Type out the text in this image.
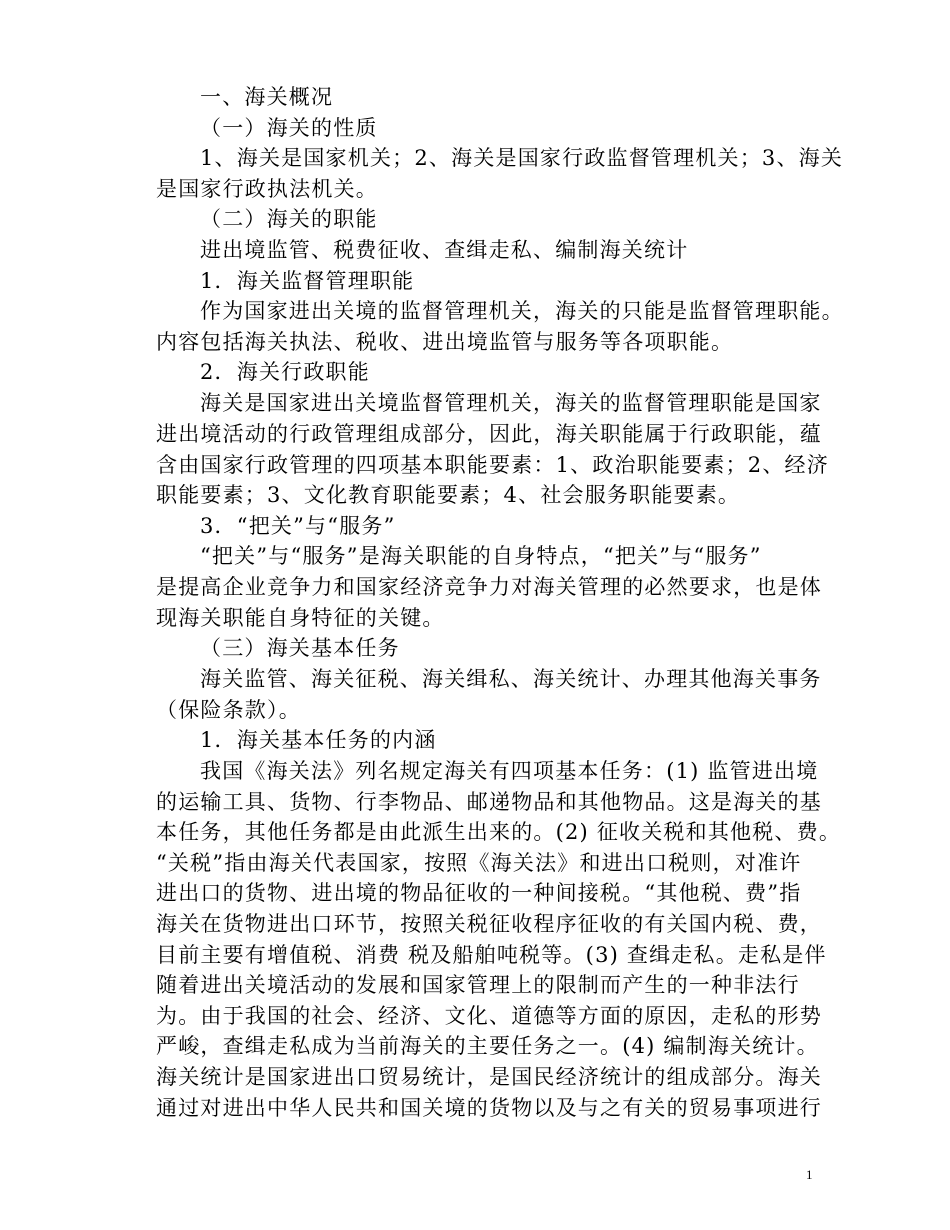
一、海关概况
（一）海关的性质
1、海关是国家机关；2、海关是国家行政监督管理机关；3、海关
是国家行政执法机关。
（二）海关的职能
进出境监管、税费征收、查缉走私、编制海关统计
1．海关监督管理职能
作为国家进出关境的监督管理机关，海关的只能是监督管理职能。
内容包括海关执法、税收、进出境监管与服务等各项职能。
2．海关行政职能
海关是国家进出关境监督管理机关，海关的监督管理职能是国家
进出境活动的行政管理组成部分，因此，海关职能属于行政职能，蕴
含由国家行政管理的四项基本职能要素：1、政治职能要素；2、经济
职能要素；3、文化教育职能要素；4、社会服务职能要素。
3．“把关”与“服务”
“把关”与“服务”是海关职能的自身特点，“把关”与“服务”
是提高企业竞争力和国家经济竞争力对海关管理的必然要求，也是体
现海关职能自身特征的关键。
（三）海关基本任务
海关监管、海关征税、海关缉私、海关统计、办理其他海关事务
（保险条款）。
1．海关基本任务的内涵
我国《海关法》列名规定海关有四项基本任务：(1) 监管进出境
的运输工具、货物、行李物品、邮递物品和其他物品。这是海关的基
本任务，其他任务都是由此派生出来的。(2) 征收关税和其他税、费。
“关税”指由海关代表国家，按照《海关法》和进出口税则，对准许
进出口的货物、进出境的物品征收的一种间接税。“其他税、费”指
海关在货物进出口环节，按照关税征收程序征收的有关国内税、费，
目前主要有增值税、消费 税及船舶吨税等。(3) 查缉走私。走私是伴
随着进出关境活动的发展和国家管理上的限制而产生的一种非法行
为。由于我国的社会、经济、文化、道德等方面的原因，走私的形势
严峻，查缉走私成为当前海关的主要任务之一。(4) 编制海关统计。
海关统计是国家进出口贸易统计，是国民经济统计的组成部分。海关
通过对进出中华人民共和国关境的货物以及与之有关的贸易事项进行
1
